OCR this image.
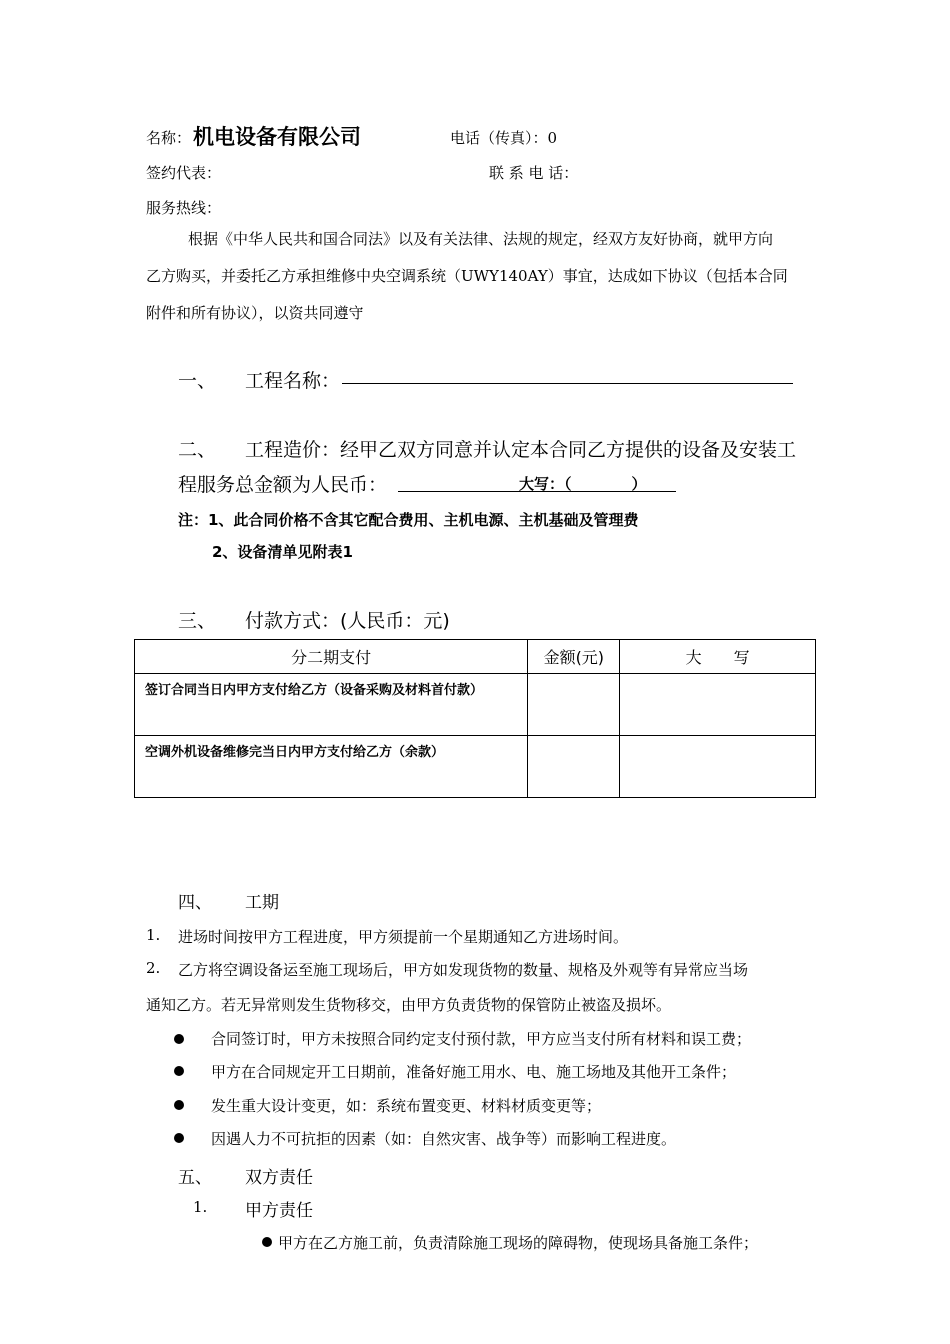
名称： 机电设备有限公司	电话（传真）：0
签约代表：	联 系 电 话：
服务热线：
根据《中华人民共和国合同法》以及有关法律、法规的规定，经双方友好协商，就甲方向
乙方购买，并委托乙方承担维修中央空调系统（UWY140AY）事宜，达成如下协议（包括本合同
附件和所有协议），以资共同遵守
一、 工程名称：
二、 工程造价：经甲乙双方同意并认定本合同乙方提供的设备及安装工
程服务总金额为人民币：	大写：（　　　　）
注：1、此合同价格不含其它配合费用、主机电源、主机基础及管理费
2、设备清单见附表1
三、 付款方式：(人民币：元)
分二期支付	金额(元)	大　　写
签订合同当日内甲方支付给乙方（设备采购及材料首付款）		
空调外机设备维修完当日内甲方支付给乙方（余款）		
四、 工期
1. 进场时间按甲方工程进度，甲方须提前一个星期通知乙方进场时间。
2. 乙方将空调设备运至施工现场后，甲方如发现货物的数量、规格及外观等有异常应当场
通知乙方。若无异常则发生货物移交，由甲方负责货物的保管防止被盗及损坏。
合同签订时，甲方未按照合同约定支付预付款，甲方应当支付所有材料和误工费；
甲方在合同规定开工日期前，准备好施工用水、电、施工场地及其他开工条件；
发生重大设计变更，如：系统布置变更、材料材质变更等；
因遇人力不可抗拒的因素（如：自然灾害、战争等）而影响工程进度。
五、 双方责任
1. 甲方责任
甲方在乙方施工前，负责清除施工现场的障碍物，使现场具备施工条件；
